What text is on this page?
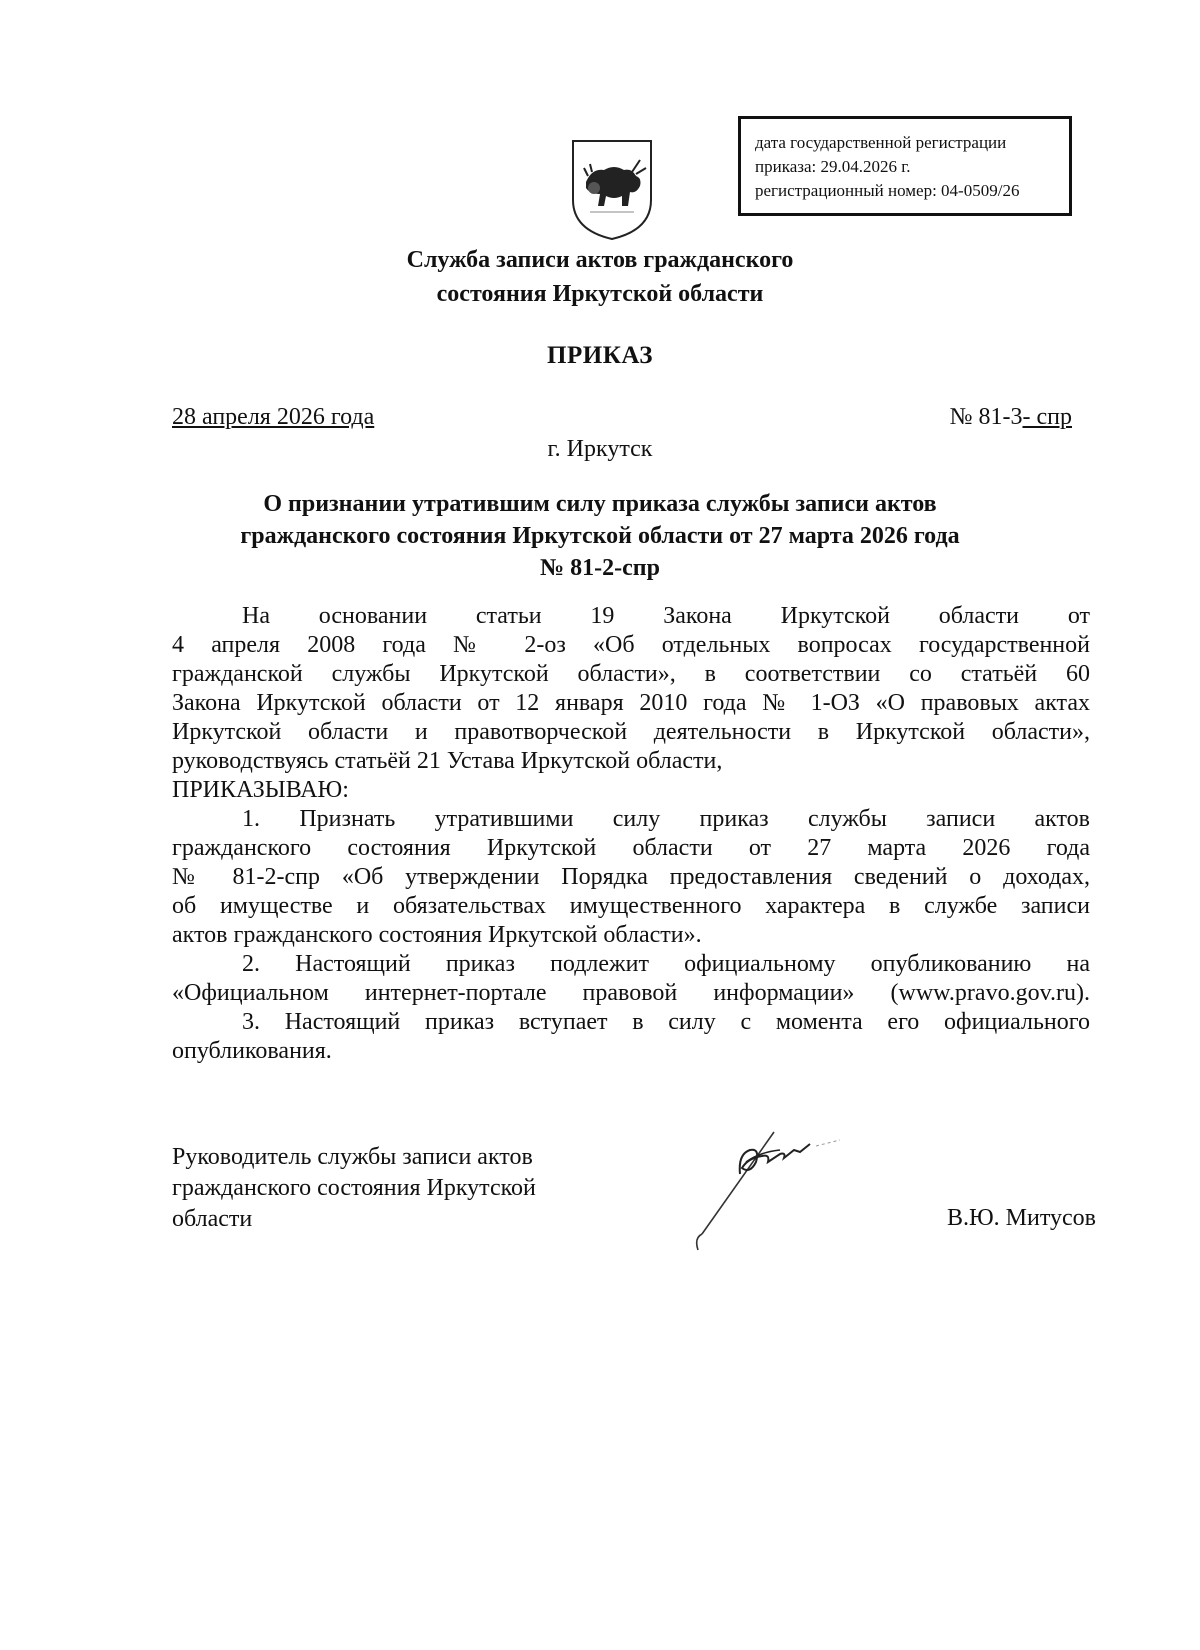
дата государственной регистрации
приказа: 29.04.2026 г.
регистрационный номер: 04-0509/26
Служба записи актов гражданского
состояния Иркутской области
ПРИКАЗ
28 апреля 2026 года	№ 81-3- спр
г. Иркутск
О признании утратившим силу приказа службы записи актов
гражданского состояния Иркутской области от 27 марта 2026 года
№ 81-2-спр
На основании статьи 19 Закона Иркутской области от
4 апреля 2008 года № 2-оз «Об отдельных вопросах государственной
гражданской службы Иркутской области», в соответствии со статьёй 60
Закона Иркутской области от 12 января 2010 года № 1-ОЗ «О правовых актах
Иркутской области и правотворческой деятельности в Иркутской области»,
руководствуясь статьёй 21 Устава Иркутской области,
ПРИКАЗЫВАЮ:
1. Признать утратившими силу приказ службы записи актов
гражданского состояния Иркутской области от 27 марта 2026 года
№ 81-2-спр «Об утверждении Порядка предоставления сведений о доходах,
об имуществе и обязательствах имущественного характера в службе записи
актов гражданского состояния Иркутской области».
2. Настоящий приказ подлежит официальному опубликованию на
«Официальном интернет-портале правовой информации» (www.pravo.gov.ru).
3. Настоящий приказ вступает в силу с момента его официального
опубликования.
Руководитель службы записи актов
гражданского состояния Иркутской
области	В.Ю. Митусов
